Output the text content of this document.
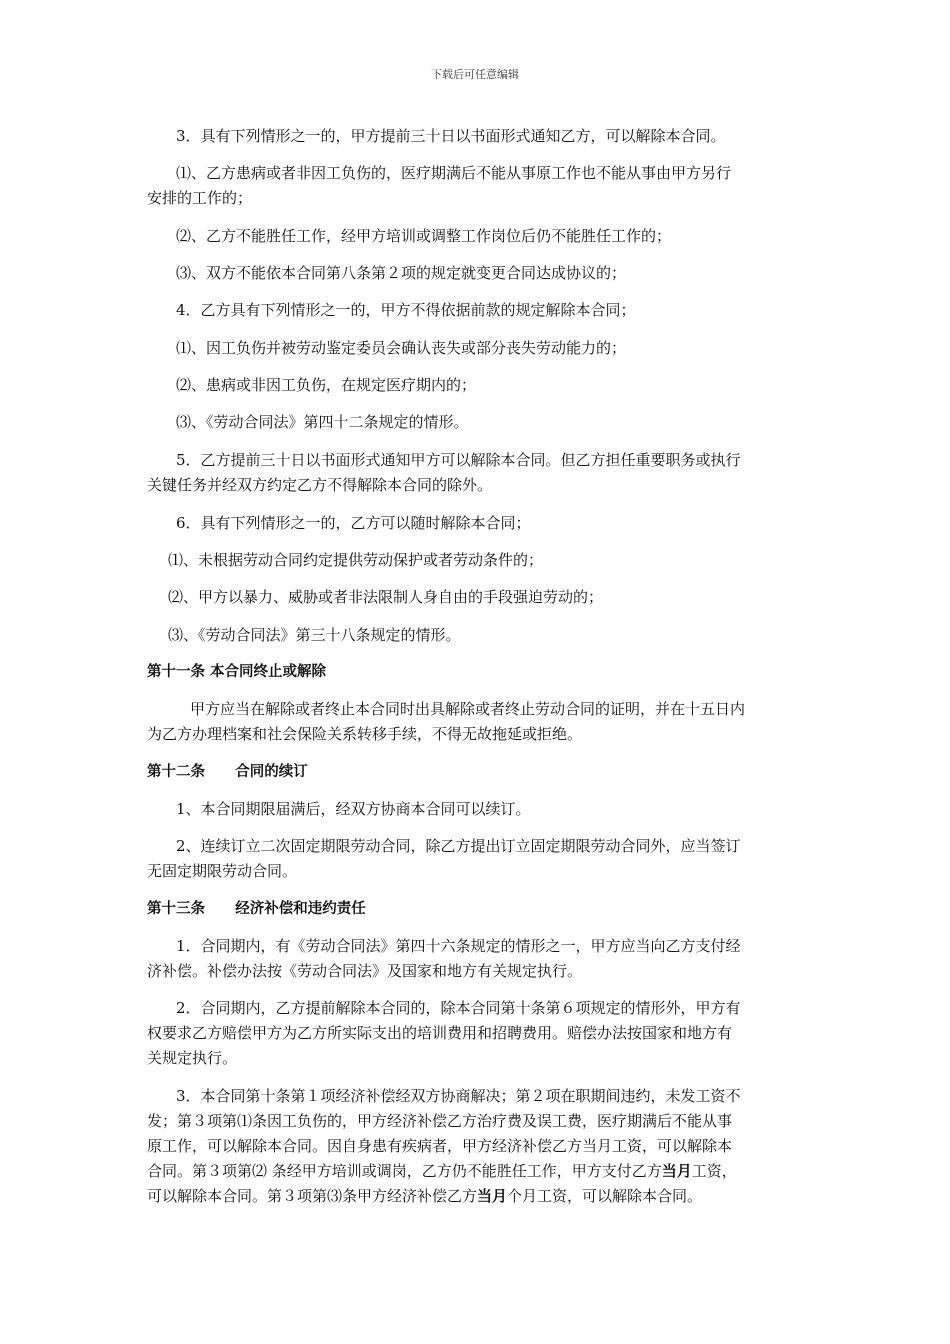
下载后可任意编辑
3．具有下列情形之一的，甲方提前三十日以书面形式通知乙方，可以解除本合同。
⑴、乙方患病或者非因工负伤的，医疗期满后不能从事原工作也不能从事由甲方另行
安排的工作的；
⑵、乙方不能胜任工作，经甲方培训或调整工作岗位后仍不能胜任工作的；
⑶、双方不能依本合同第八条第２项的规定就变更合同达成协议的；
4．乙方具有下列情形之一的，甲方不得依据前款的规定解除本合同；
⑴、因工负伤并被劳动鉴定委员会确认丧失或部分丧失劳动能力的；
⑵、患病或非因工负伤，在规定医疗期内的；
⑶、《劳动合同法》第四十二条规定的情形。
5．乙方提前三十日以书面形式通知甲方可以解除本合同。但乙方担任重要职务或执行
关键任务并经双方约定乙方不得解除本合同的除外。
6．具有下列情形之一的，乙方可以随时解除本合同；
⑴、未根据劳动合同约定提供劳动保护或者劳动条件的；
⑵、甲方以暴力、威胁或者非法限制人身自由的手段强迫劳动的；
⑶、《劳动合同法》第三十八条规定的情形。
第十一条 本合同终止或解除
甲方应当在解除或者终止本合同时出具解除或者终止劳动合同的证明，并在十五日内
为乙方办理档案和社会保险关系转移手续，不得无故拖延或拒绝。
第十二条      合同的续订
1、本合同期限届满后，经双方协商本合同可以续订。
2、连续订立二次固定期限劳动合同，除乙方提出订立固定期限劳动合同外，应当签订
无固定期限劳动合同。
第十三条      经济补偿和违约责任
1．合同期内，有《劳动合同法》第四十六条规定的情形之一，甲方应当向乙方支付经
济补偿。补偿办法按《劳动合同法》及国家和地方有关规定执行。
2．合同期内，乙方提前解除本合同的，除本合同第十条第６项规定的情形外，甲方有
权要求乙方赔偿甲方为乙方所实际支出的培训费用和招聘费用。赔偿办法按国家和地方有
关规定执行。
3．本合同第十条第１项经济补偿经双方协商解决；第２项在职期间违约，未发工资不
发；第３项第⑴条因工负伤的，甲方经济补偿乙方治疗费及误工费，医疗期满后不能从事
原工作，可以解除本合同。因自身患有疾病者，甲方经济补偿乙方当月工资，可以解除本
合同。第３项第⑵ 条经甲方培训或调岗，乙方仍不能胜任工作，甲方支付乙方当月工资，
可以解除本合同。第３项第⑶条甲方经济补偿乙方当月个月工资，可以解除本合同。
